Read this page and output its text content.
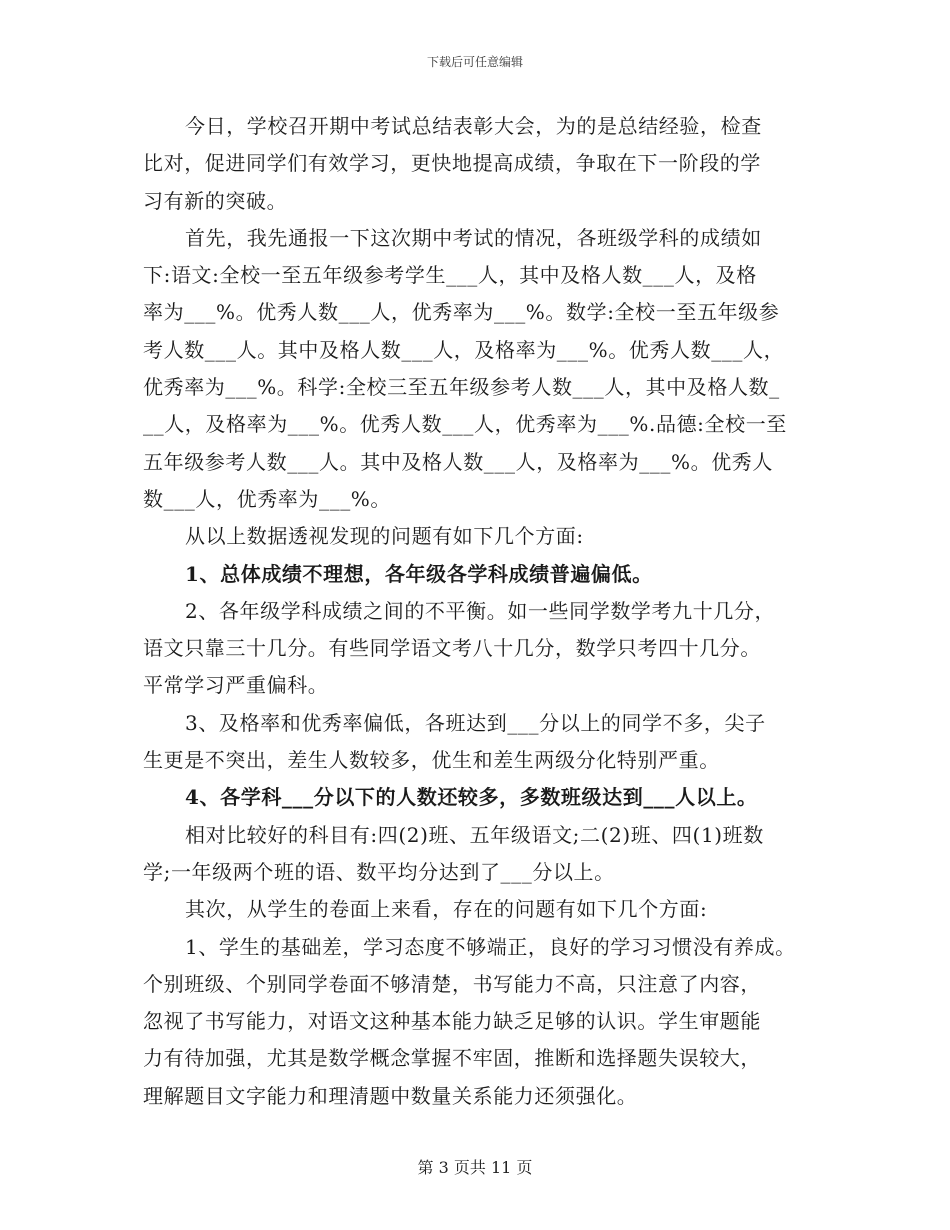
下载后可任意编辑

今日，学校召开期中考试总结表彰大会，为的是总结经验，检查
比对，促进同学们有效学习，更快地提高成绩，争取在下一阶段的学
习有新的突破。

首先，我先通报一下这次期中考试的情况，各班级学科的成绩如
下:语文:全校一至五年级参考学生___人，其中及格人数___人，及格
率为___%。优秀人数___人，优秀率为___%。数学:全校一至五年级参
考人数___人。其中及格人数___人，及格率为___%。优秀人数___人，
优秀率为___%。科学:全校三至五年级参考人数___人，其中及格人数_
__人，及格率为___%。优秀人数___人，优秀率为___%.品德:全校一至
五年级参考人数___人。其中及格人数___人，及格率为___%。优秀人
数___人，优秀率为___%。

从以上数据透视发现的问题有如下几个方面:

1、总体成绩不理想，各年级各学科成绩普遍偏低。

2、各年级学科成绩之间的不平衡。如一些同学数学考九十几分，
语文只靠三十几分。有些同学语文考八十几分，数学只考四十几分。
平常学习严重偏科。

3、及格率和优秀率偏低，各班达到___分以上的同学不多，尖子
生更是不突出，差生人数较多，优生和差生两级分化特别严重。

4、各学科___分以下的人数还较多，多数班级达到___人以上。

相对比较好的科目有:四(2)班、五年级语文;二(2)班、四(1)班数
学;一年级两个班的语、数平均分达到了___分以上。

其次，从学生的卷面上来看，存在的问题有如下几个方面:

1、学生的基础差，学习态度不够端正，良好的学习习惯没有养成。
个别班级、个别同学卷面不够清楚，书写能力不高，只注意了内容，
忽视了书写能力，对语文这种基本能力缺乏足够的认识。学生审题能
力有待加强，尤其是数学概念掌握不牢固，推断和选择题失误较大，
理解题目文字能力和理清题中数量关系能力还须强化。

第 3 页共 11 页
